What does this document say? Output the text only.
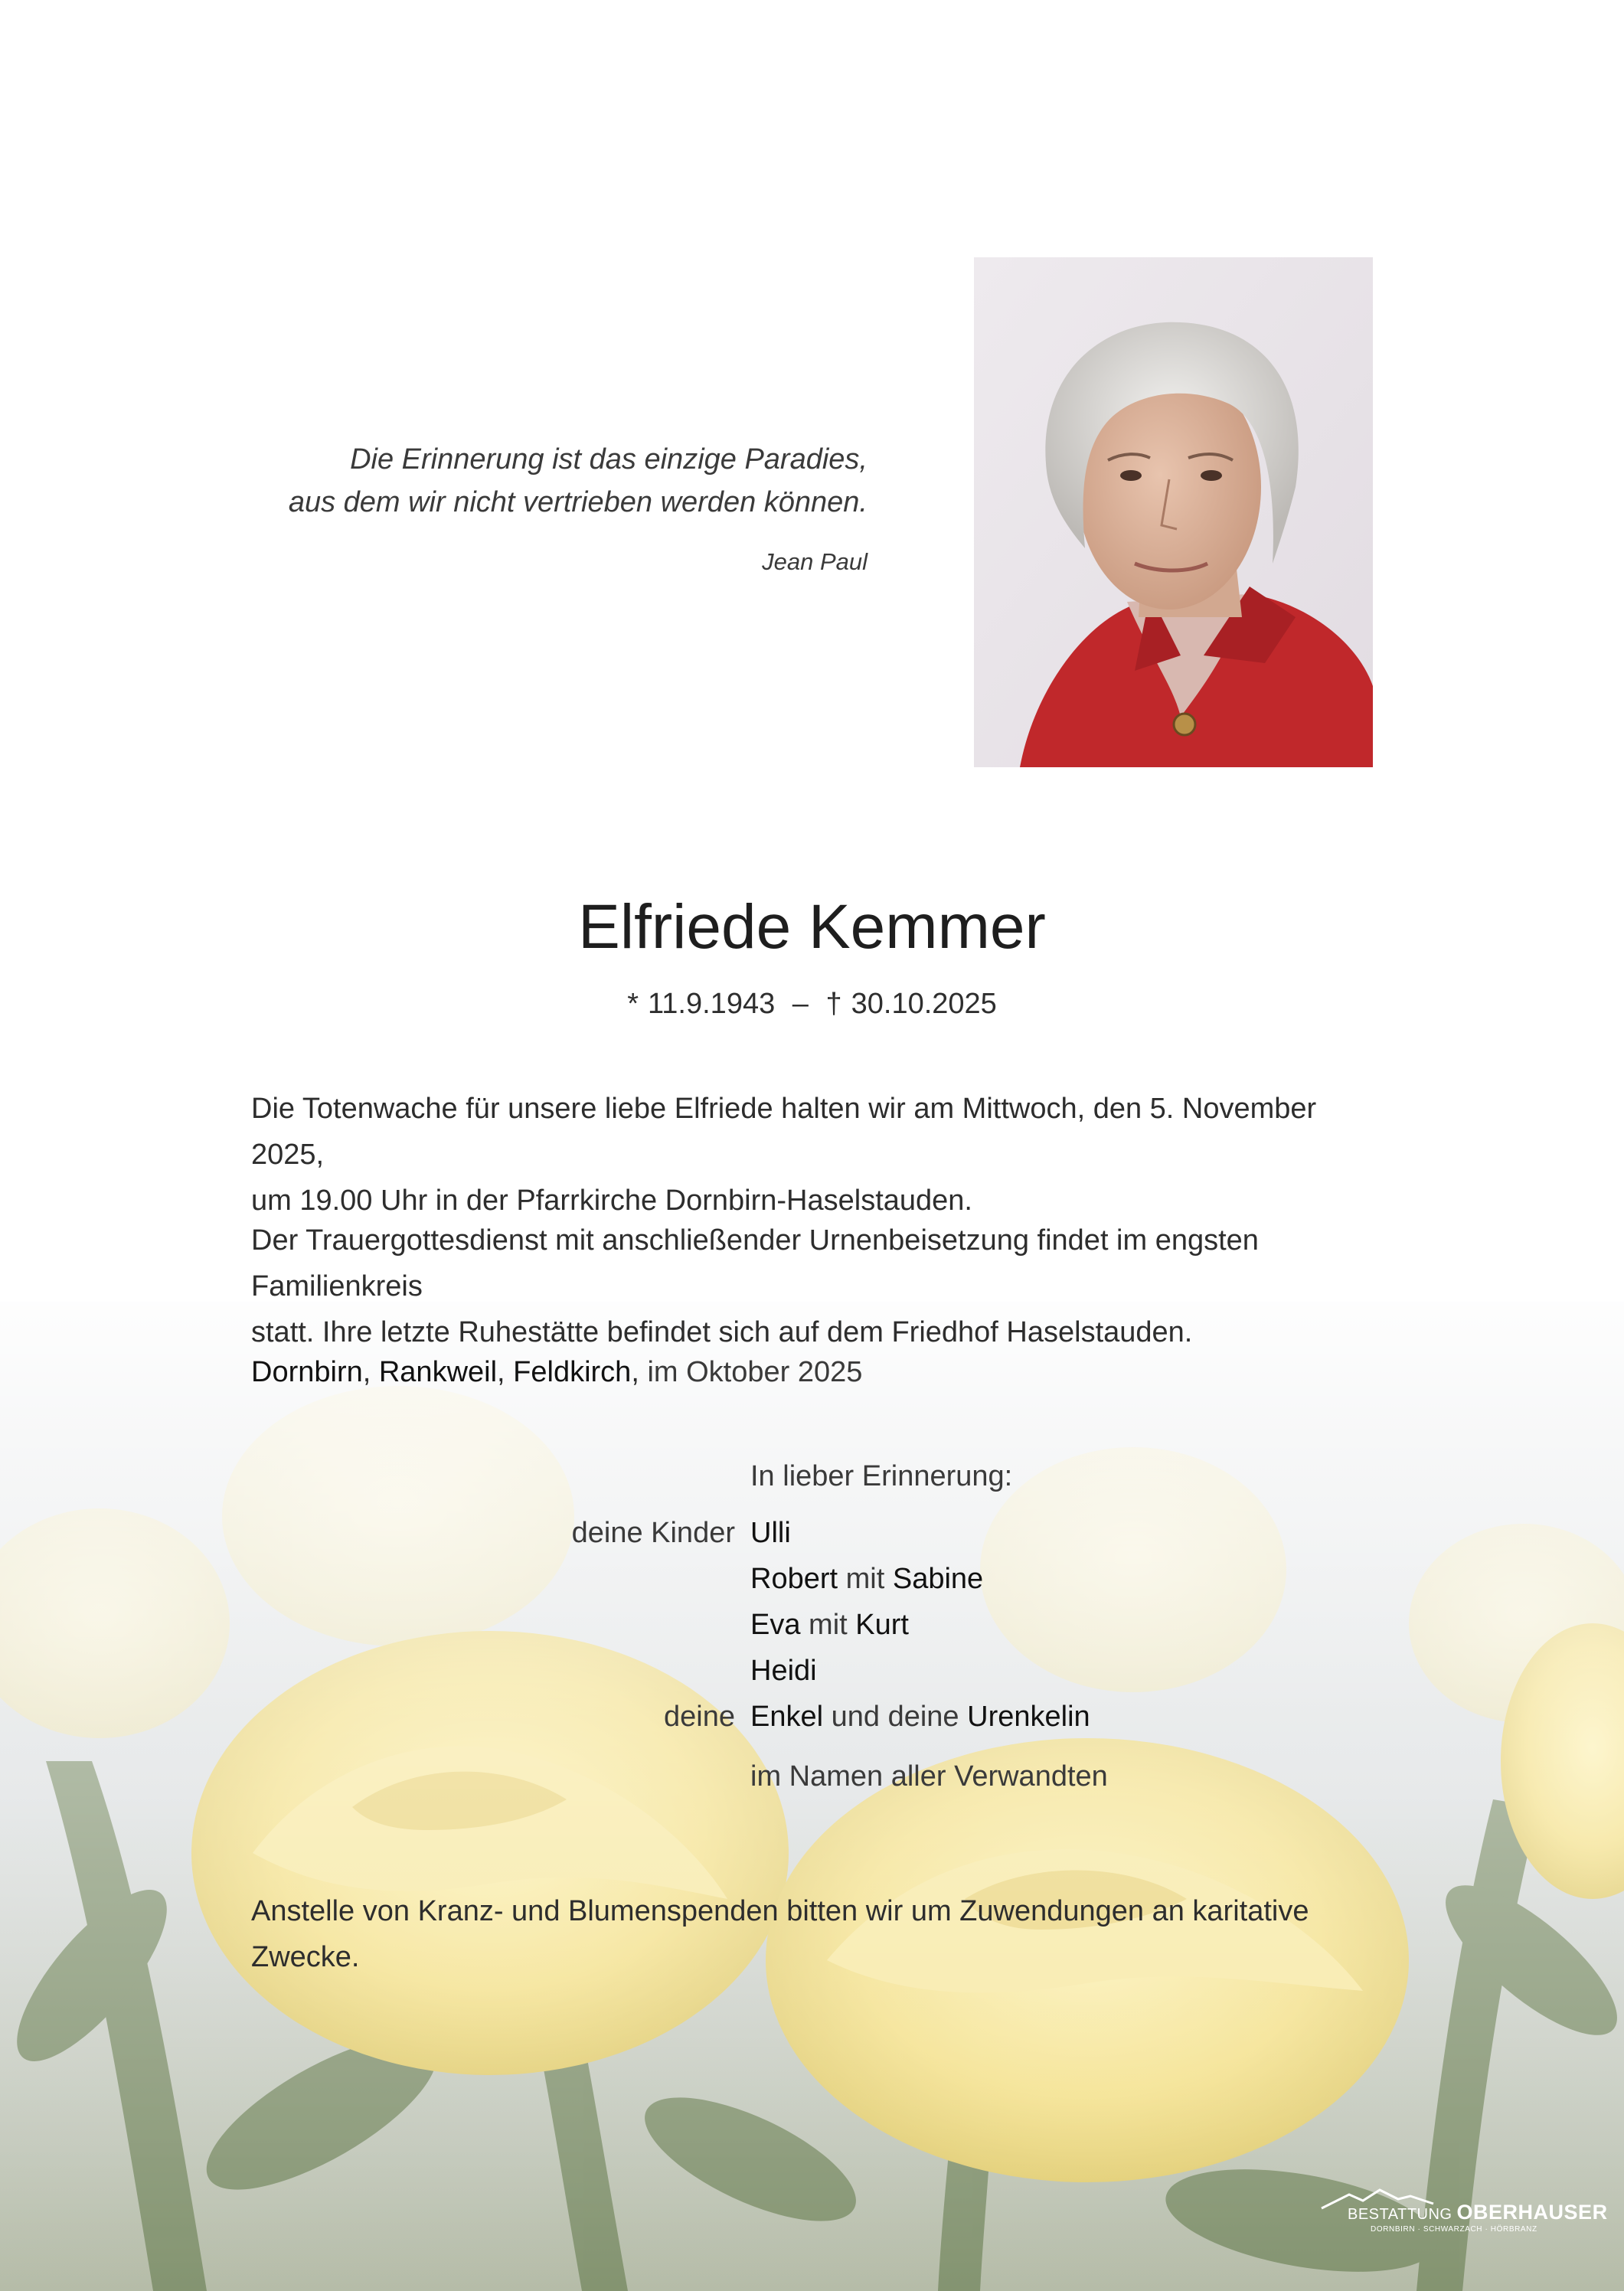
Die Erinnerung ist das einzige Paradies,
aus dem wir nicht vertrieben werden können.
Jean Paul
Elfriede Kemmer
* 11.9.1943 – † 30.10.2025
Die Totenwache für unsere liebe Elfriede halten wir am Mittwoch, den 5. November 2025,
um 19.00 Uhr in der Pfarrkirche Dornbirn-Haselstauden.
Der Trauergottesdienst mit anschließender Urnenbeisetzung findet im engsten Familienkreis
statt. Ihre letzte Ruhestätte befindet sich auf dem Friedhof Haselstauden.
Dornbirn, Rankweil, Feldkirch, im Oktober 2025
In lieber Erinnerung:
deine Kinder Ulli
Robert mit Sabine
Eva mit Kurt
Heidi
deine Enkel und deine Urenkelin
im Namen aller Verwandten
Anstelle von Kranz- und Blumenspenden bitten wir um Zuwendungen an karitative Zwecke.
BESTATTUNG OBERHAUSER
DORNBIRN · SCHWARZACH · HÖRBRANZ
